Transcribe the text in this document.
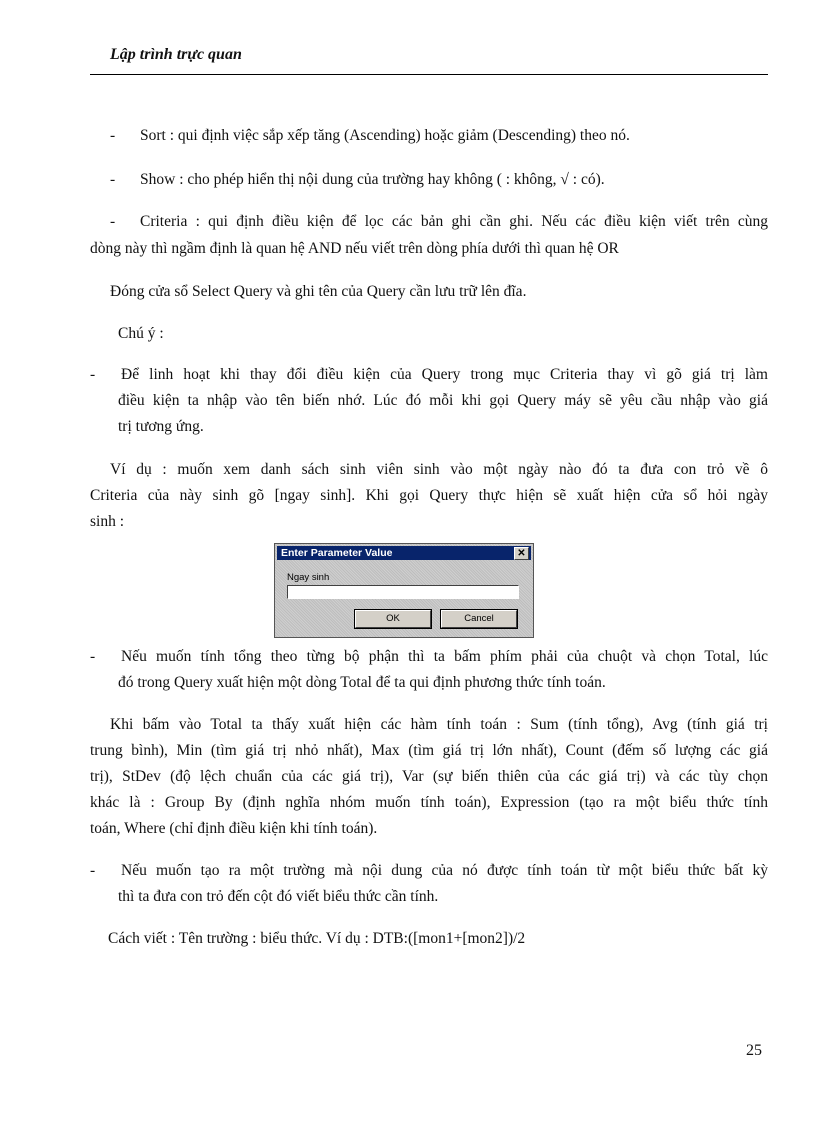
Lập trình trực quan
- Sort : qui định việc sắp xếp tăng (Ascending) hoặc giảm (Descending) theo nó.
- Show : cho phép hiển thị nội dung của trường hay không ( : không, √ : có).
- Criteria : qui định điều kiện để lọc các bản ghi cần ghi. Nếu các điều kiện viết trên cùng
dòng này thì ngầm định là quan hệ AND nếu viết trên dòng phía dưới thì quan hệ OR
Đóng cửa sổ Select Query và ghi tên của Query cần lưu trữ lên đĩa.
Chú ý :
- Để linh hoạt khi thay đổi điều kiện của Query trong mục Criteria thay vì gõ giá trị làm
điều kiện ta nhập vào tên biến nhớ. Lúc đó mỗi khi gọi Query máy sẽ yêu cầu nhập vào giá
trị tương ứng.
Ví dụ : muốn xem danh sách sinh viên sinh vào một ngày nào đó ta đưa con trỏ về ô
Criteria của này sinh gõ [ngay sinh]. Khi gọi Query thực hiện sẽ xuất hiện cửa sổ hỏi ngày
sinh :
Enter Parameter Value	✕
Ngay sinh
OK	Cancel
- Nếu muốn tính tổng theo từng bộ phận thì ta bấm phím phải của chuột và chọn Total, lúc
đó trong Query xuất hiện một dòng Total để ta qui định phương thức tính toán.
Khi bấm vào Total ta thấy xuất hiện các hàm tính toán : Sum (tính tổng), Avg (tính giá trị
trung bình), Min (tìm giá trị nhỏ nhất), Max (tìm giá trị lớn nhất), Count (đếm số lượng các giá
trị), StDev (độ lệch chuẩn của các giá trị), Var (sự biến thiên của các giá trị) và các tùy chọn
khác là : Group By (định nghĩa nhóm muốn tính toán), Expression (tạo ra một biểu thức tính
toán, Where (chỉ định điều kiện khi tính toán).
- Nếu muốn tạo ra một trường mà nội dung của nó được tính toán từ một biểu thức bất kỳ
thì ta đưa con trỏ đến cột đó viết biểu thức cần tính.
Cách viết : Tên trường : biểu thức. Ví dụ : DTB:([mon1+[mon2])/2
25
